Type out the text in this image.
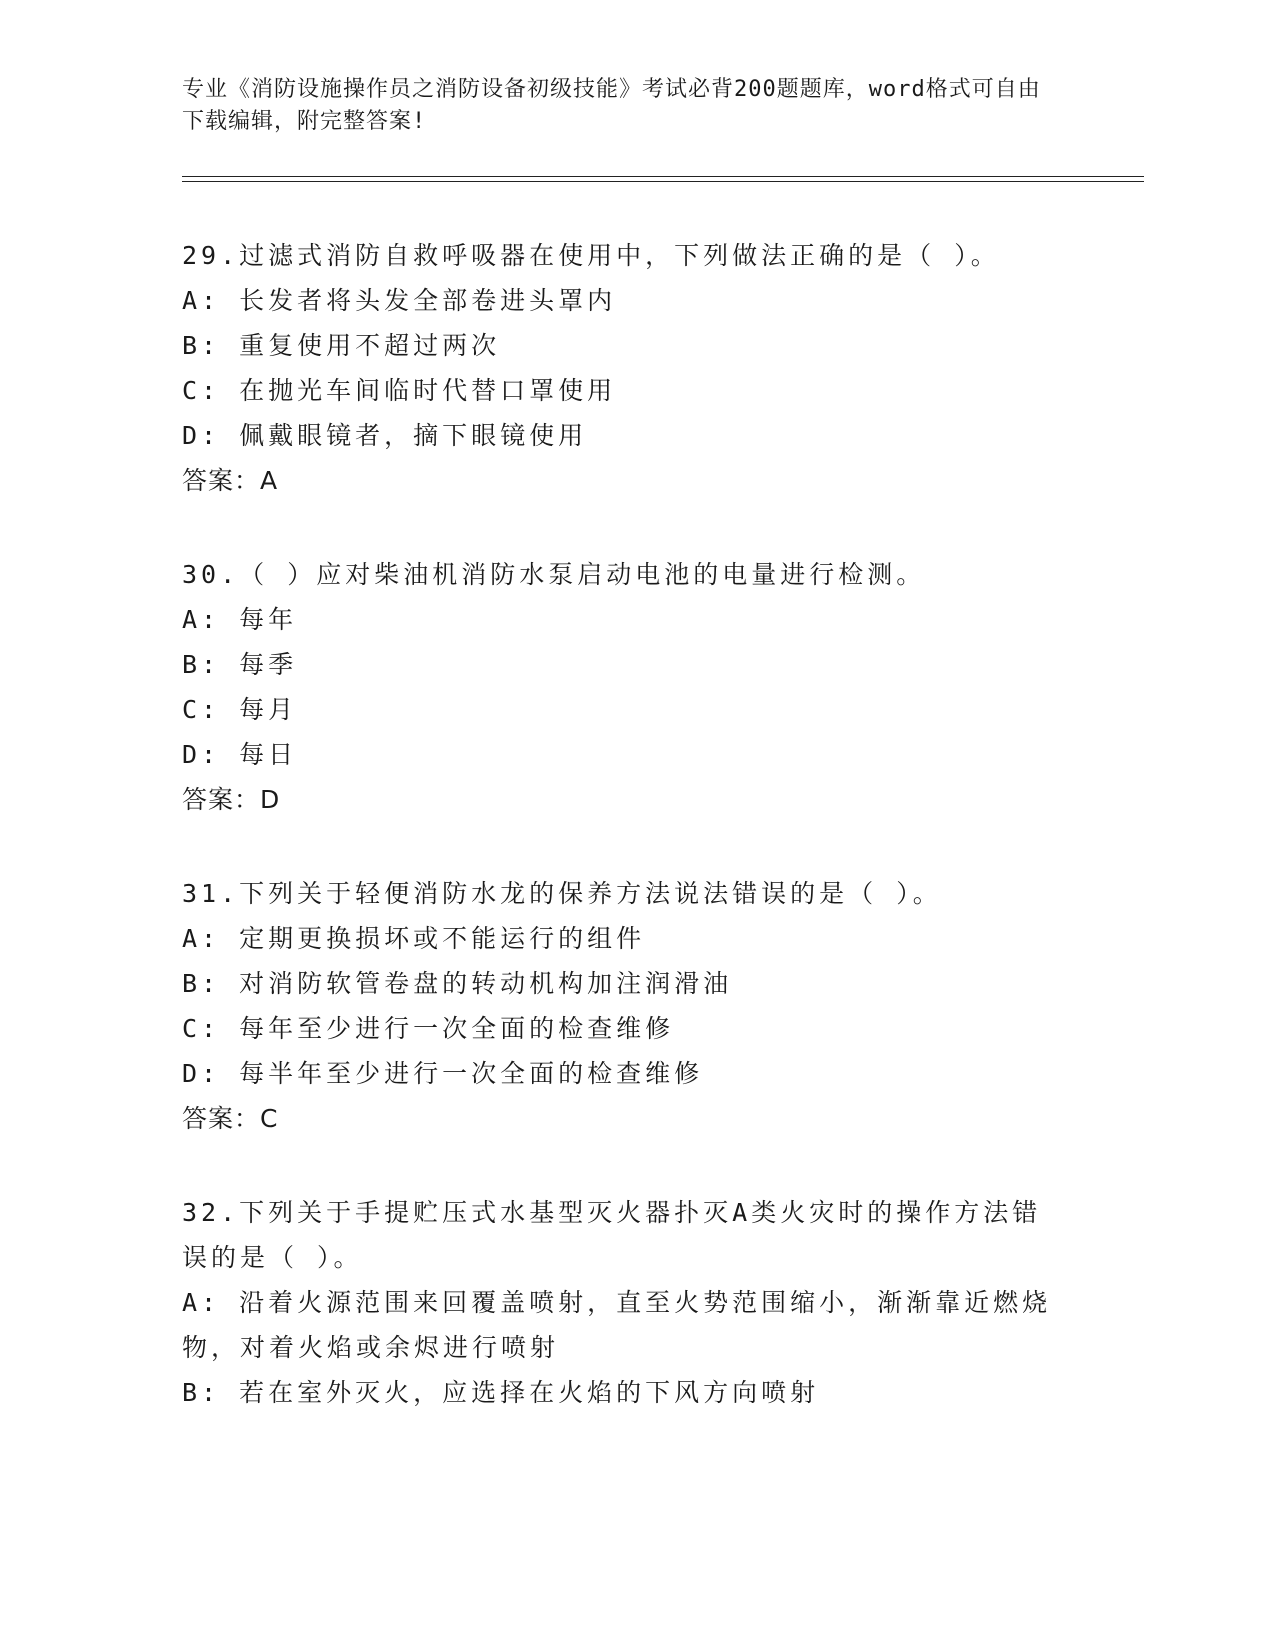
专业《消防设施操作员之消防设备初级技能》考试必背200题题库，word格式可自由下载编辑，附完整答案!
29.过滤式消防自救呼吸器在使用中，下列做法正确的是（ ）。
A: 长发者将头发全部卷进头罩内
B: 重复使用不超过两次
C: 在抛光车间临时代替口罩使用
D: 佩戴眼镜者，摘下眼镜使用
答案：A
30.（ ）应对柴油机消防水泵启动电池的电量进行检测。
A: 每年
B: 每季
C: 每月
D: 每日
答案：D
31.下列关于轻便消防水龙的保养方法说法错误的是（ ）。
A: 定期更换损坏或不能运行的组件
B: 对消防软管卷盘的转动机构加注润滑油
C: 每年至少进行一次全面的检查维修
D: 每半年至少进行一次全面的检查维修
答案：C
32.下列关于手提贮压式水基型灭火器扑灭A类火灾时的操作方法错误的是（ ）。
A: 沿着火源范围来回覆盖喷射，直至火势范围缩小，渐渐靠近燃烧物，对着火焰或余烬进行喷射
B: 若在室外灭火，应选择在火焰的下风方向喷射
